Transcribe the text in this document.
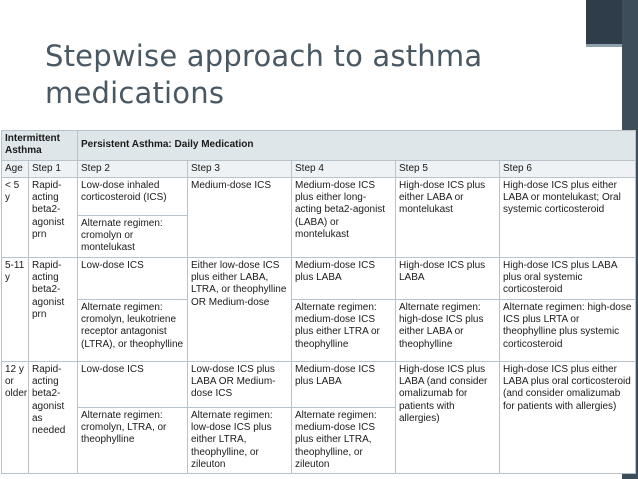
Stepwise approach to asthma
medications
Intermittent Asthma		Persistent Asthma: Daily Medication				
Age	Step 1	Step 2	Step 3	Step 4	Step 5	Step 6
< 5 y	Rapid-acting beta2-agonist prn	Low-dose inhaled corticosteroid (ICS)	Medium-dose ICS	Medium-dose ICS plus either long-acting beta2-agonist (LABA) or montelukast	High-dose ICS plus either LABA or montelukast	High-dose ICS plus either LABA or montelukast; Oral systemic corticosteroid
		Alternate regimen: cromolyn or montelukast				
5-11 y	Rapid-acting beta2-agonist prn	Low-dose ICS	Either low-dose ICS plus either LABA, LTRA, or theophylline OR Medium-dose	Medium-dose ICS plus LABA	High-dose ICS plus LABA	High-dose ICS plus LABA plus oral systemic corticosteroid
		Alternate regimen: cromolyn, leukotriene receptor antagonist (LTRA), or theophylline		Alternate regimen: medium-dose ICS plus either LTRA or theophylline	Alternate regimen: high-dose ICS plus either LABA or theophylline	Alternate regimen: high-dose ICS plus LRTA or theophylline plus systemic corticosteroid
12 y or older	Rapid-acting beta2-agonist as needed	Low-dose ICS	Low-dose ICS plus LABA OR Medium-dose ICS	Medium-dose ICS plus LABA	High-dose ICS plus LABA (and consider omalizumab for patients with allergies)	High-dose ICS plus either LABA plus oral corticosteroid (and consider omalizumab for patients with allergies)
		Alternate regimen: cromolyn, LTRA, or theophylline	Alternate regimen: low-dose ICS plus either LTRA, theophylline, or zileuton	Alternate regimen: medium-dose ICS plus either LTRA, theophylline, or zileuton		
